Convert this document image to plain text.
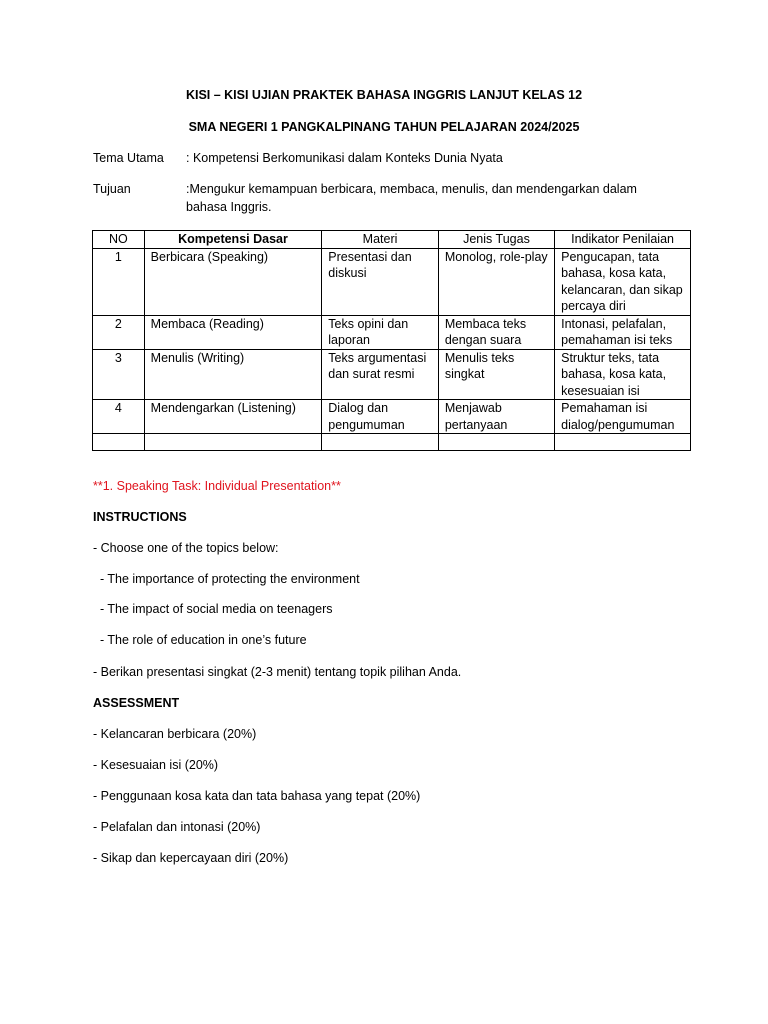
KISI – KISI UJIAN PRAKTEK BAHASA INGGRIS LANJUT KELAS 12
SMA NEGERI 1 PANGKALPINANG TAHUN PELAJARAN 2024/2025
Tema Utama	: Kompetensi Berkomunikasi dalam Konteks Dunia Nyata
Tujuan	:Mengukur kemampuan berbicara, membaca, menulis, dan mendengarkan dalam bahasa Inggris.
NO	Kompetensi Dasar	Materi	Jenis Tugas	Indikator Penilaian
1	Berbicara (Speaking)	Presentasi dan diskusi	Monolog, role-play	Pengucapan, tata bahasa, kosa kata, kelancaran, dan sikap percaya diri
2	Membaca (Reading)	Teks opini dan laporan	Membaca teks dengan suara	Intonasi, pelafalan, pemahaman isi teks
3	Menulis (Writing)	Teks argumentasi dan surat resmi	Menulis teks singkat	Struktur teks, tata bahasa, kosa kata, kesesuaian isi
4	Mendengarkan (Listening)	Dialog dan pengumuman	Menjawab pertanyaan	Pemahaman isi dialog/pengumuman

**1. Speaking Task: Individual Presentation**
INSTRUCTIONS
- Choose one of the topics below:
- The importance of protecting the environment
- The impact of social media on teenagers
- The role of education in one’s future
- Berikan presentasi singkat (2-3 menit) tentang topik pilihan Anda.
ASSESSMENT
- Kelancaran berbicara (20%)
- Kesesuaian isi (20%)
- Penggunaan kosa kata dan tata bahasa yang tepat (20%)
- Pelafalan dan intonasi (20%)
- Sikap dan kepercayaan diri (20%)
